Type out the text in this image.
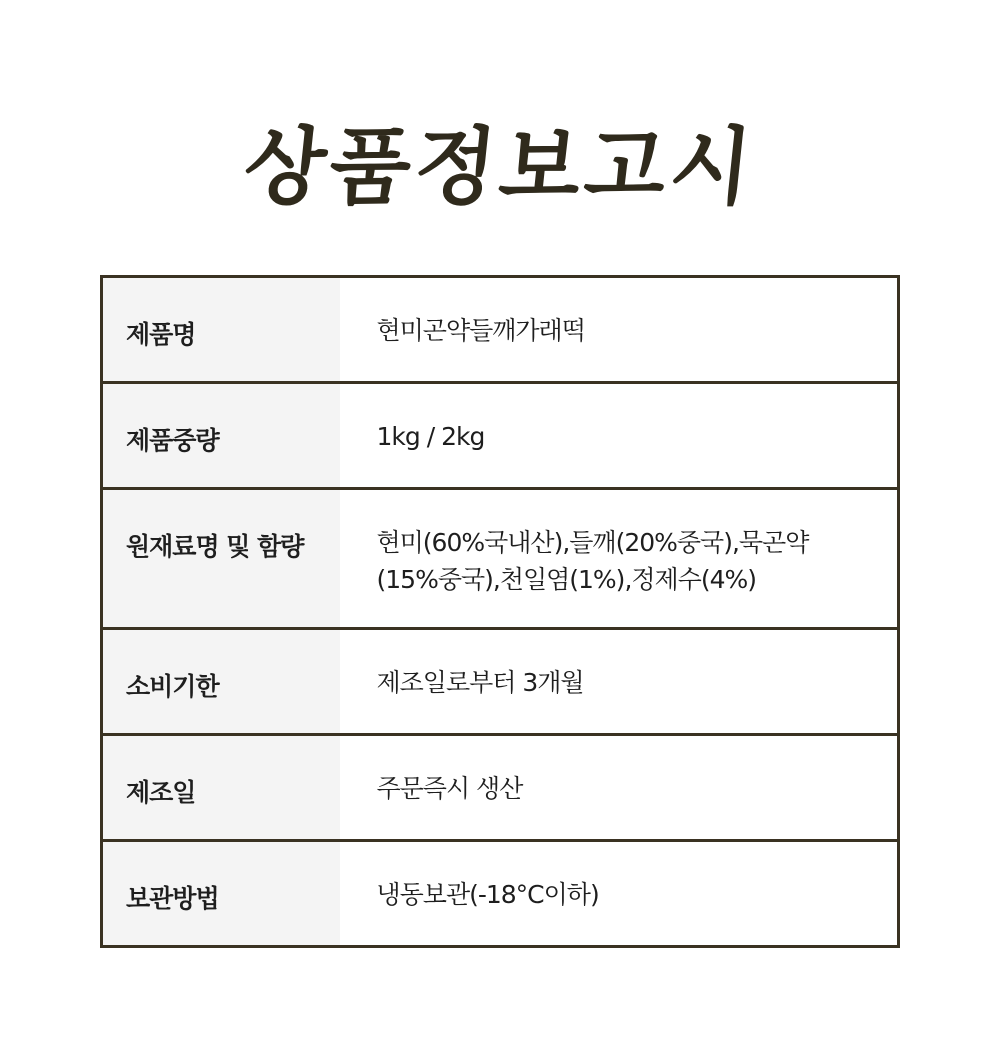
상품정보고시
제품명	현미곤약들깨가래떡
제품중량	1kg / 2kg
원재료명 및 함량	현미(60%국내산),들깨(20%중국),묵곤약
(15%중국),천일염(1%),정제수(4%)

소비기한	제조일로부터 3개월
제조일	주문즉시 생산
보관방법	냉동보관(-18°C이하)
